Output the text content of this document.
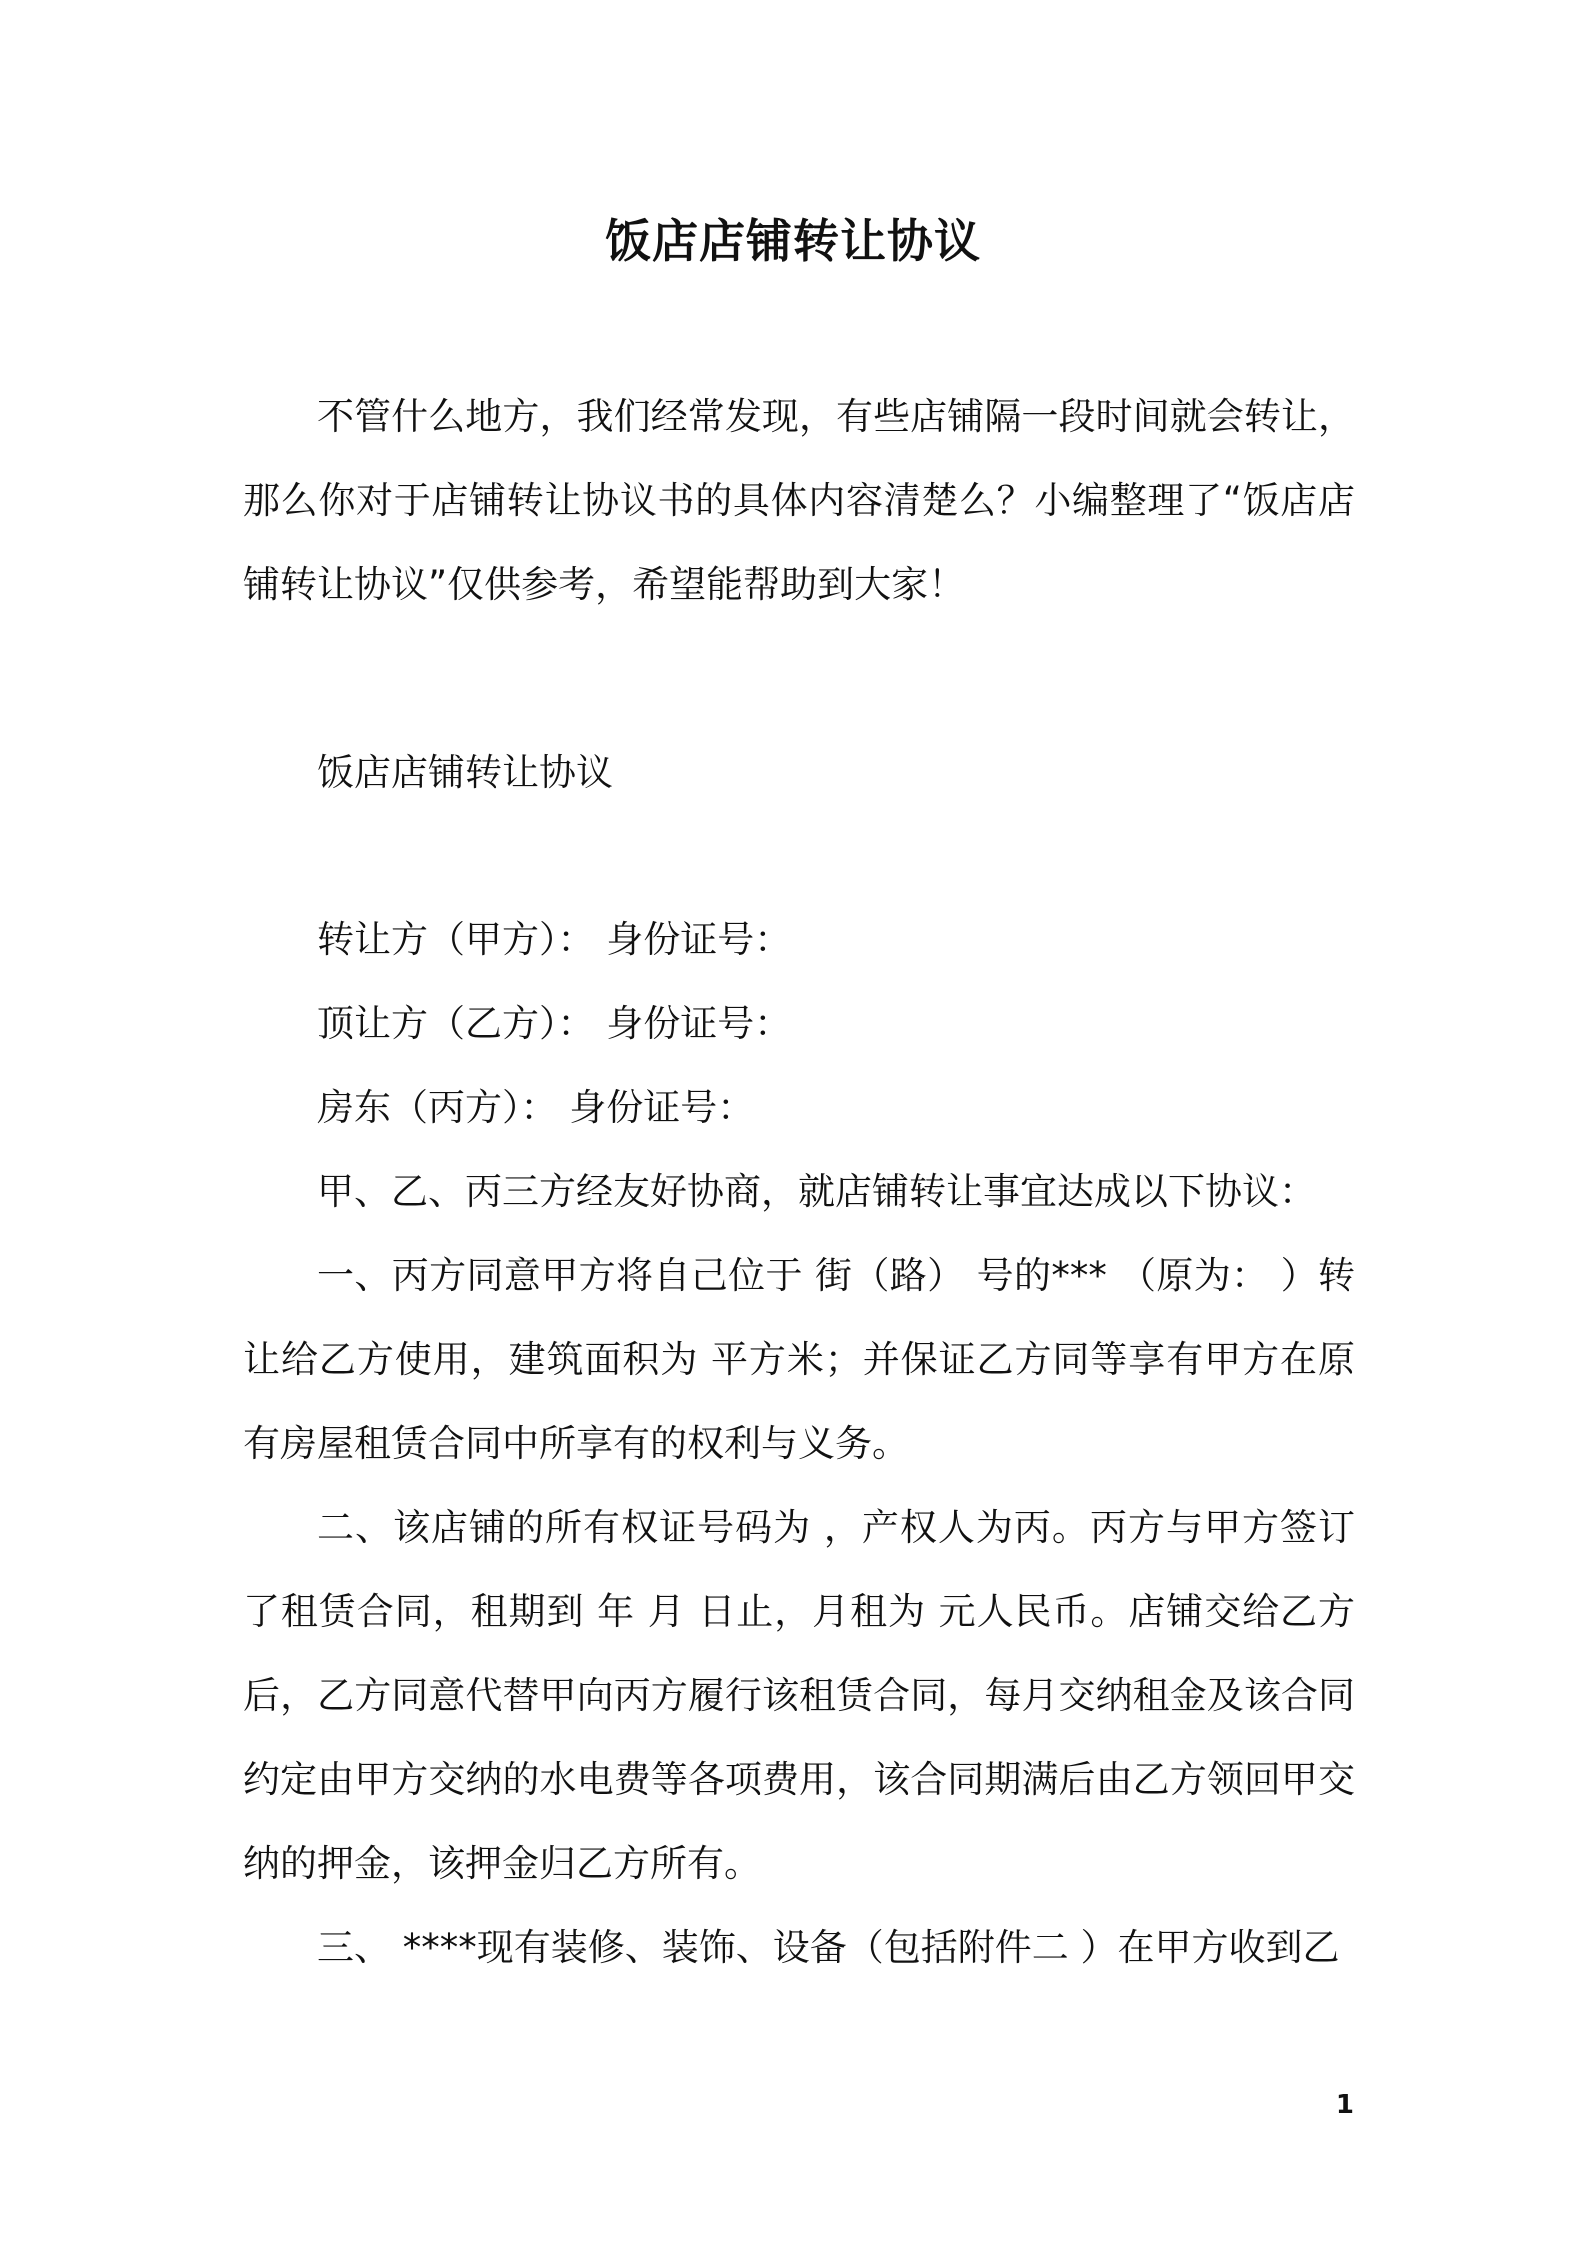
饭店店铺转让协议

不管什么地方，我们经常发现，有些店铺隔一段时间就会转让，那么你对于店铺转让协议书的具体内容清楚么？小编整理了“饭店店铺转让协议”仅供参考，希望能帮助到大家！

饭店店铺转让协议

转让方（甲方）： 身份证号：

顶让方（乙方）： 身份证号：

房东（丙方）： 身份证号：

甲、乙、丙三方经友好协商，就店铺转让事宜达成以下协议：

一、丙方同意甲方将自己位于 街（路） 号的*** （原为： ）转让给乙方使用，建筑面积为 平方米；并保证乙方同等享有甲方在原有房屋租赁合同中所享有的权利与义务。

二、该店铺的所有权证号码为 ，产权人为丙。丙方与甲方签订了租赁合同，租期到 年 月 日止，月租为 元人民币。店铺交给乙方后，乙方同意代替甲向丙方履行该租赁合同，每月交纳租金及该合同约定由甲方交纳的水电费等各项费用，该合同期满后由乙方领回甲交纳的押金，该押金归乙方所有。

三、 ****现有装修、装饰、设备（包括附件二 ）在甲方收到乙

1
